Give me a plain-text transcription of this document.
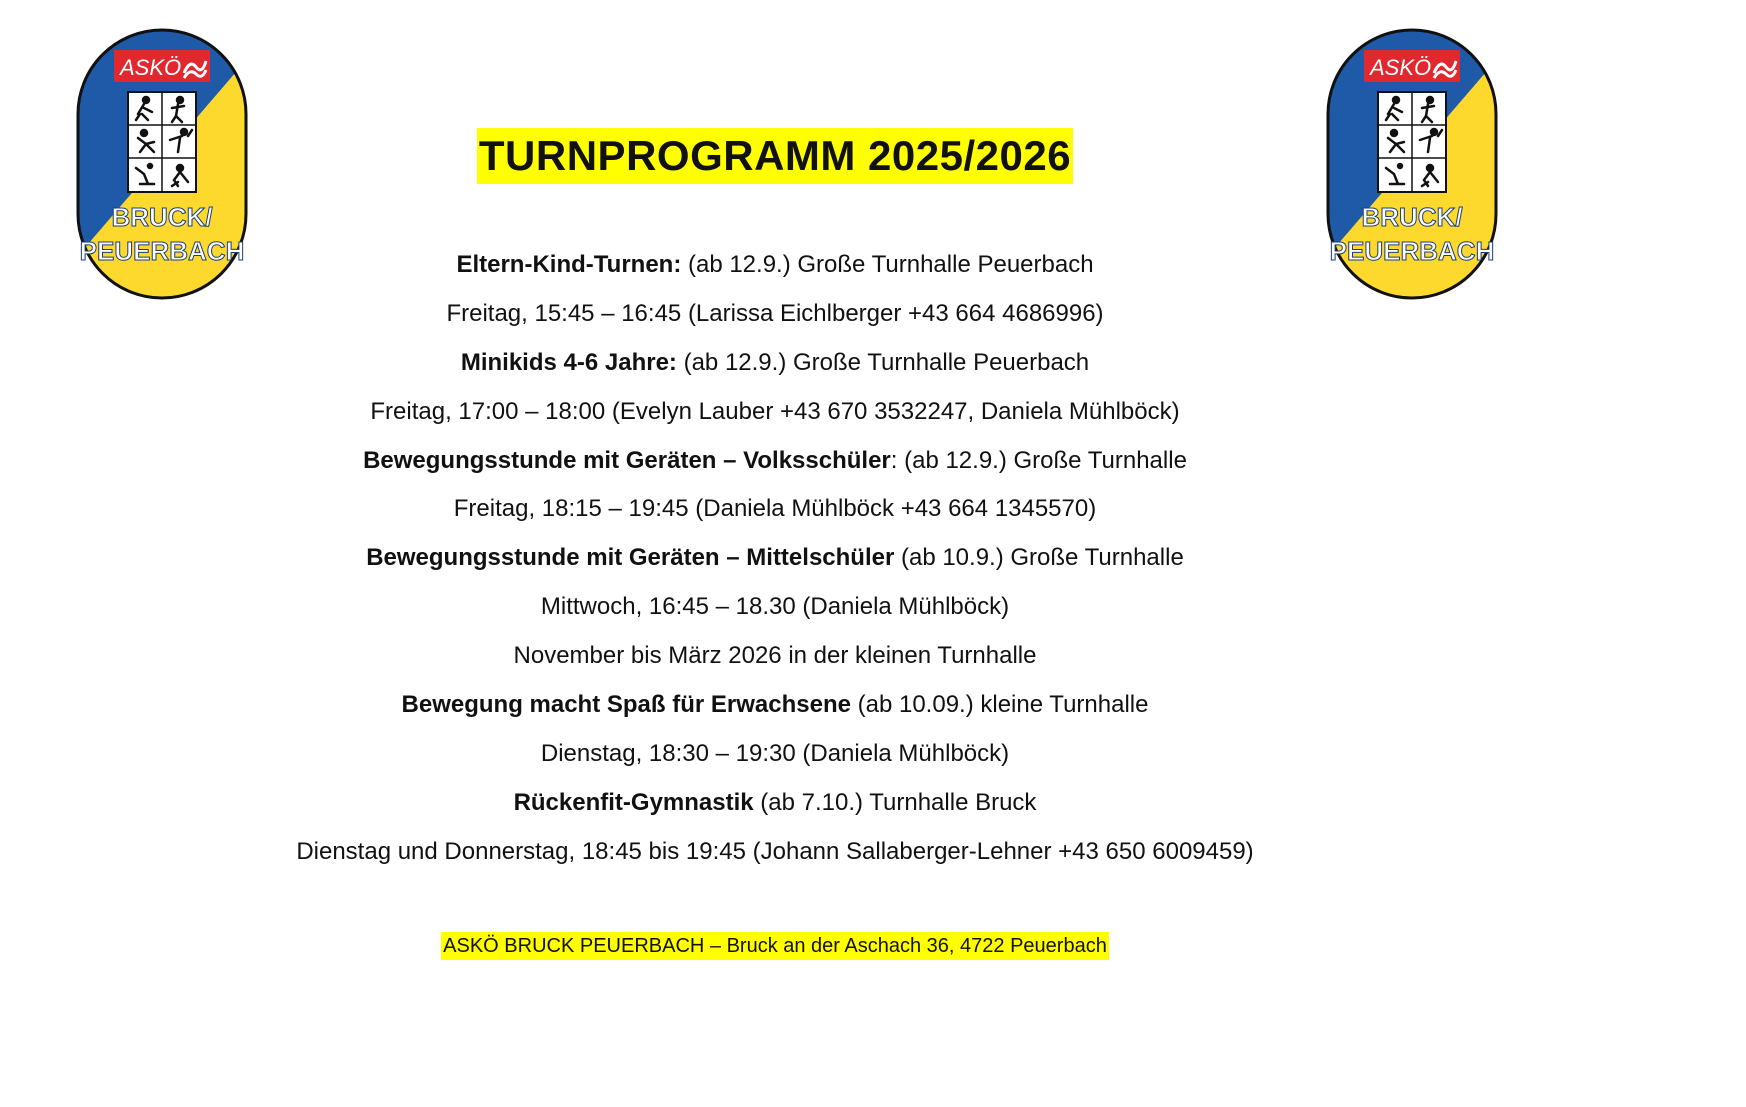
ASKÖ
BRUCK/
PEUERBACH
ASKÖ
BRUCK/
PEUERBACH
TURNPROGRAMM 2025/2026
Eltern-Kind-Turnen: (ab 12.9.) Große Turnhalle Peuerbach
Freitag, 15:45 – 16:45 (Larissa Eichlberger +43 664 4686996)
Minikids 4-6 Jahre: (ab 12.9.) Große Turnhalle Peuerbach
Freitag, 17:00 – 18:00 (Evelyn Lauber +43 670 3532247, Daniela Mühlböck)
Bewegungsstunde mit Geräten – Volksschüler: (ab 12.9.) Große Turnhalle
Freitag, 18:15 – 19:45 (Daniela Mühlböck +43 664 1345570)
Bewegungsstunde mit Geräten – Mittelschüler (ab 10.9.) Große Turnhalle
Mittwoch, 16:45 – 18.30 (Daniela Mühlböck)
November bis März 2026 in der kleinen Turnhalle
Bewegung macht Spaß für Erwachsene (ab 10.09.) kleine Turnhalle
Dienstag, 18:30 – 19:30 (Daniela Mühlböck)
Rückenfit-Gymnastik (ab 7.10.) Turnhalle Bruck
Dienstag und Donnerstag, 18:45 bis 19:45 (Johann Sallaberger-Lehner +43 650 6009459)
ASKÖ BRUCK PEUERBACH – Bruck an der Aschach 36, 4722 Peuerbach
